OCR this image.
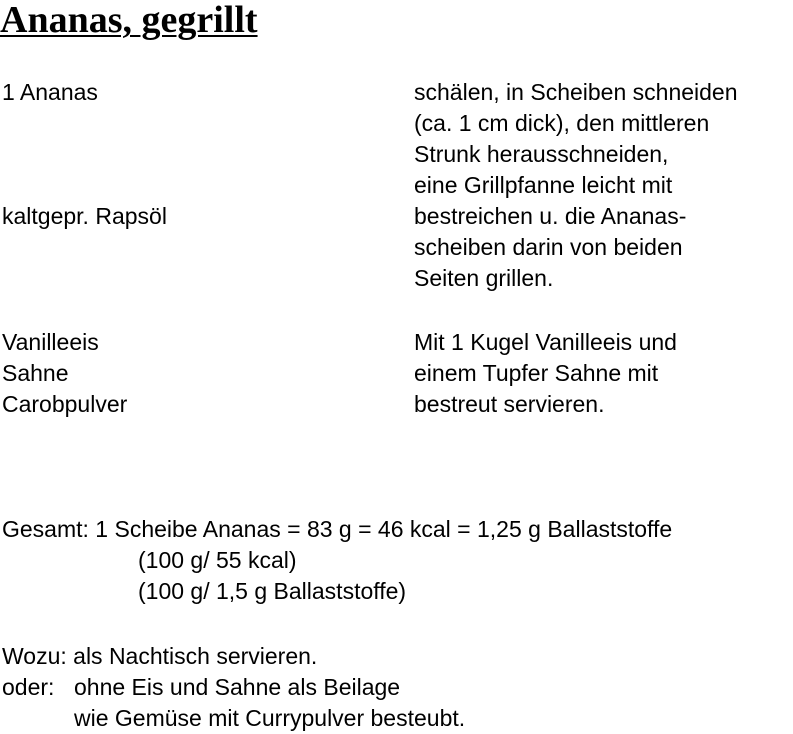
Ananas, gegrillt
1 Ananas	schälen, in Scheiben schneiden
(ca. 1 cm dick), den mittleren
Strunk herausschneiden,
eine Grillpfanne leicht mit
kaltgepr. Rapsöl	bestreichen u. die Ananas-
scheiben darin von beiden
Seiten grillen.
Vanilleeis
Sahne
Carobpulver
Mit 1 Kugel Vanilleeis und
einem Tupfer Sahne mit
bestreut servieren.
Gesamt: 1 Scheibe Ananas = 83 g = 46 kcal = 1,25 g Ballaststoffe
(100 g/ 55 kcal)
(100 g/ 1,5 g Ballaststoffe)
Wozu: als Nachtisch servieren.
oder: ohne Eis und Sahne als Beilage
wie Gemüse mit Currypulver besteubt.
